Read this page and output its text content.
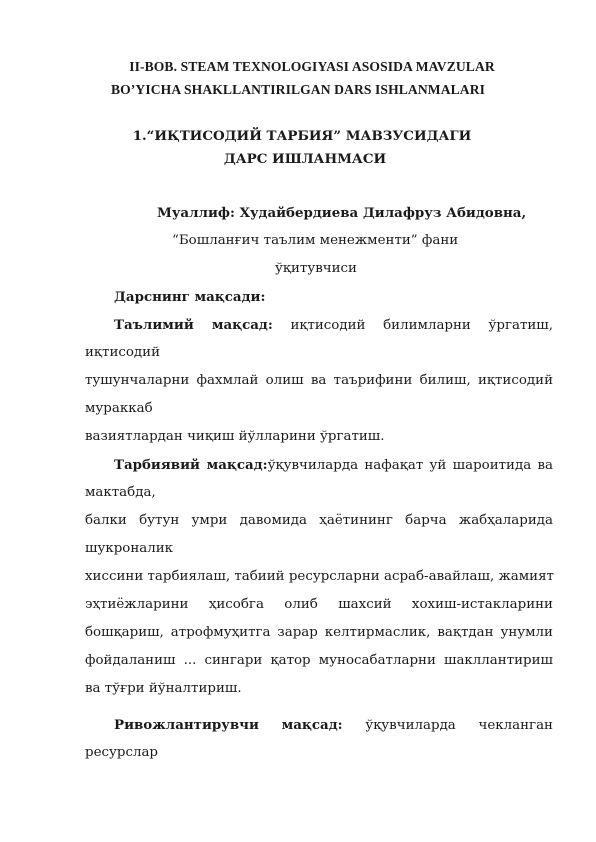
II-BOB. STEAM TEXNOLOGIYASI ASOSIDA MAVZULAR
BO’YICHA SHAKLLANTIRILGAN DARS ISHLANMALARI
1.“ИҚТИСОДИЙ ТАРБИЯ” МАВЗУСИДАГИ
ДАРС ИШЛАНМАСИ
Муаллиф: Худайбердиева Дилафруз Абидовна,
“Бошланғич таълим менежменти” фани
ўқитувчиси
Дарснинг мақсади:
Таълимий мақсад: иқтисодий билимларни ўргатиш,
иқтисодий
тушунчаларни фахмлай олиш ва таърифини билиш, иқтисодий
мураккаб
вазиятлардан чиқиш йўлларини ўргатиш.
Тарбиявий мақсад:ўқувчиларда нафақат уй шароитида ва
мактабда,
балки бутун умри давомида ҳаётининг барча жабҳаларида
шукроналик
хиссини тарбиялаш, табиий ресурсларни асраб-авайлаш, жамият
эҳтиёжларини ҳисобга олиб шахсий хохиш-истакларини
бошқариш, атрофмуҳитга зарар келтирмаслик, вақтдан унумли
фойдаланиш ... сингари қатор муносабатларни шакллантириш
ва тўғри йўналтириш.
Ривожлантирувчи мақсад: ўқувчиларда чекланган
ресурслар
